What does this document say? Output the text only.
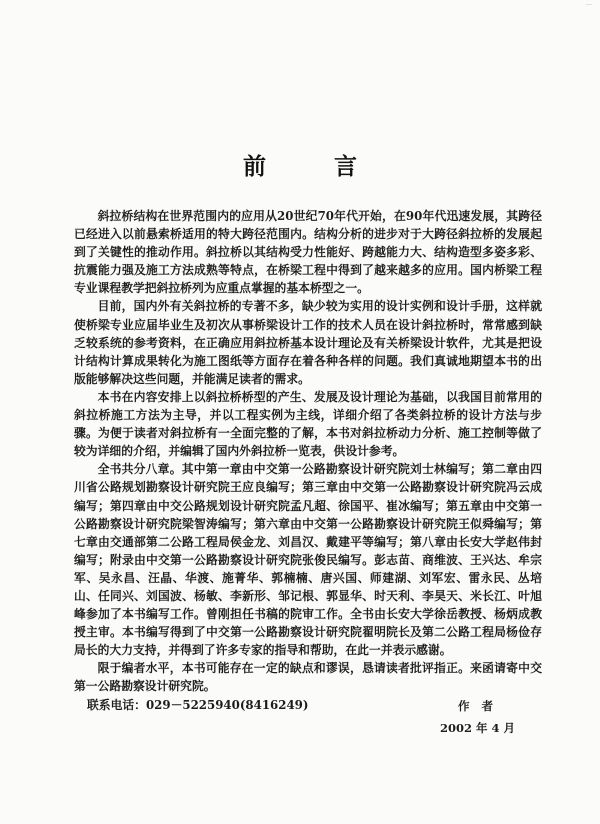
…
前 言

斜拉桥结构在世界范围内的应用从20世纪70年代开始，在90年代迅速发展，其跨径已经进入以前悬索桥适用的特大跨径范围内。结构分析的进步对于大跨径斜拉桥的发展起到了关键性的推动作用。斜拉桥以其结构受力性能好、跨越能力大、结构造型多姿多彩、抗震能力强及施工方法成熟等特点，在桥梁工程中得到了越来越多的应用。国内桥梁工程专业课程教学把斜拉桥列为应重点掌握的基本桥型之一。

目前，国内外有关斜拉桥的专著不多，缺少较为实用的设计实例和设计手册，这样就使桥梁专业应届毕业生及初次从事桥梁设计工作的技术人员在设计斜拉桥时，常常感到缺乏较系统的参考资料，在正确应用斜拉桥基本设计理论及有关桥梁设计软件，尤其是把设计结构计算成果转化为施工图纸等方面存在着各种各样的问题。我们真诚地期望本书的出版能够解决这些问题，并能满足读者的需求。

本书在内容安排上以斜拉桥桥型的产生、发展及设计理论为基础，以我国目前常用的斜拉桥施工方法为主导，并以工程实例为主线，详细介绍了各类斜拉桥的设计方法与步骤。为便于读者对斜拉桥有一全面完整的了解，本书对斜拉桥动力分析、施工控制等做了较为详细的介绍，并编辑了国内外斜拉桥一览表，供设计参考。

全书共分八章。其中第一章由中交第一公路勘察设计研究院刘士林编写；第二章由四川省公路规划勘察设计研究院王应良编写；第三章由中交第一公路勘察设计研究院冯云成编写；第四章由中交公路规划设计研究院孟凡超、徐国平、崔冰编写；第五章由中交第一公路勘察设计研究院梁智涛编写；第六章由中交第一公路勘察设计研究院王似舜编写；第七章由交通部第二公路工程局侯金龙、刘昌汉、戴建平等编写；第八章由长安大学赵伟封编写；附录由中交第一公路勘察设计研究院张俊民编写。彭志苗、商维波、王兴达、牟宗军、吴永昌、汪晶、华渡、施菁华、郭楠楠、唐兴国、师建湖、刘军宏、雷永民、丛培山、任同兴、刘国波、杨敏、李新形、邹记根、郭显华、时天利、李昊天、米长江、叶旭峰参加了本书编写工作。曾刚担任书稿的院审工作。全书由长安大学徐岳教授、杨炳成教授主审。本书编写得到了中交第一公路勘察设计研究院翟明院长及第二公路工程局杨俭存局长的大力支持，并得到了许多专家的指导和帮助，在此一并表示感谢。

限于编者水平，本书可能存在一定的缺点和谬误，恳请读者批评指正。来函请寄中交第一公路勘察设计研究院。

联系电话：029－5225940(8416249)	作 者
2002 年 4 月
